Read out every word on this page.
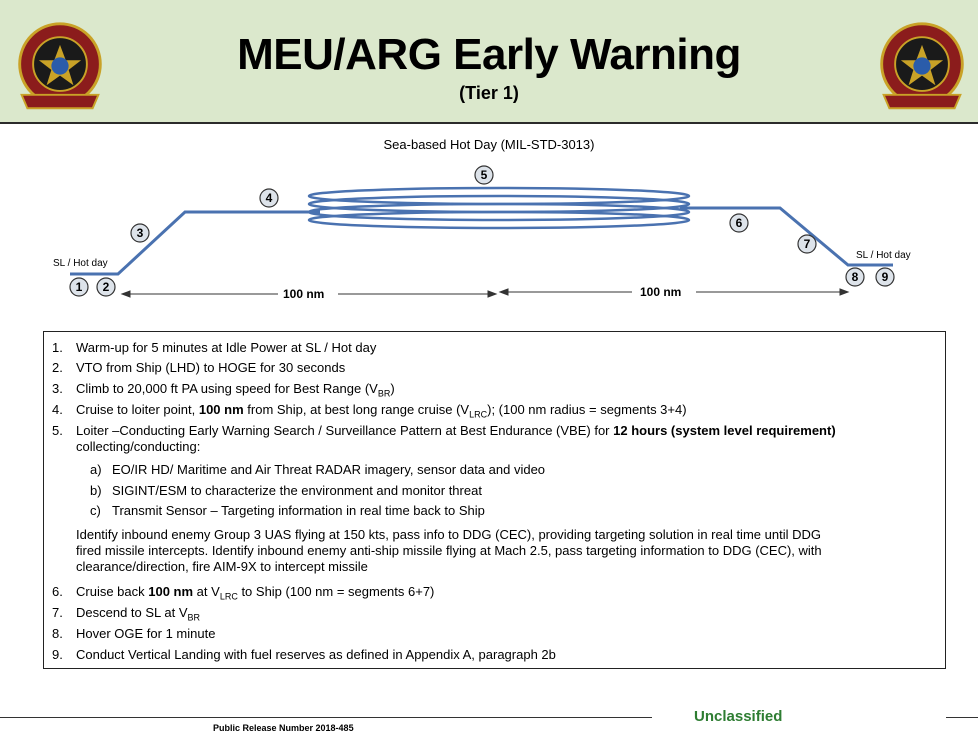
MEU/ARG Early Warning
(Tier 1)
Sea-based Hot Day (MIL-STD-3013)
SL / Hot day
SL / Hot day
100 nm	100 nm
1 2
3
4
5
6
7
8 9
1. Warm-up for 5 minutes at Idle Power at SL / Hot day
2. VTO from Ship (LHD) to HOGE for 30 seconds
3. Climb to 20,000 ft PA using speed for Best Range $(V_{BR})$
4. Cruise to loiter point, 100 nm from Ship, at best long range cruise $(V_{LRC})$; (100 nm radius = segments 3+4)
5. Loiter –Conducting Early Warning Search / Surveillance Pattern at Best Endurance (VBE) for 12 hours (system level requirement)
collecting/conducting:
a) EO/IR HD/ Maritime and Air Threat RADAR imagery, sensor data and video
b) SIGINT/ESM to characterize the environment and monitor threat
c) Transmit Sensor – Targeting information in real time back to Ship
Identify inbound enemy Group 3 UAS flying at 150 kts, pass info to DDG (CEC), providing targeting solution in real time until DDG
fired missile intercepts. Identify inbound enemy anti-ship missile flying at Mach 2.5, pass targeting information to DDG (CEC), with
clearance/direction, fire AIM-9X to intercept missile
6. Cruise back 100 nm at $V_{LRC}$ to Ship (100 nm = segments 6+7)
7. Descend to SL at $V_{BR}$
8. Hover OGE for 1 minute
9. Conduct Vertical Landing with fuel reserves as defined in Appendix A, paragraph 2b
Public Release Number 2018-485
Unclassified
